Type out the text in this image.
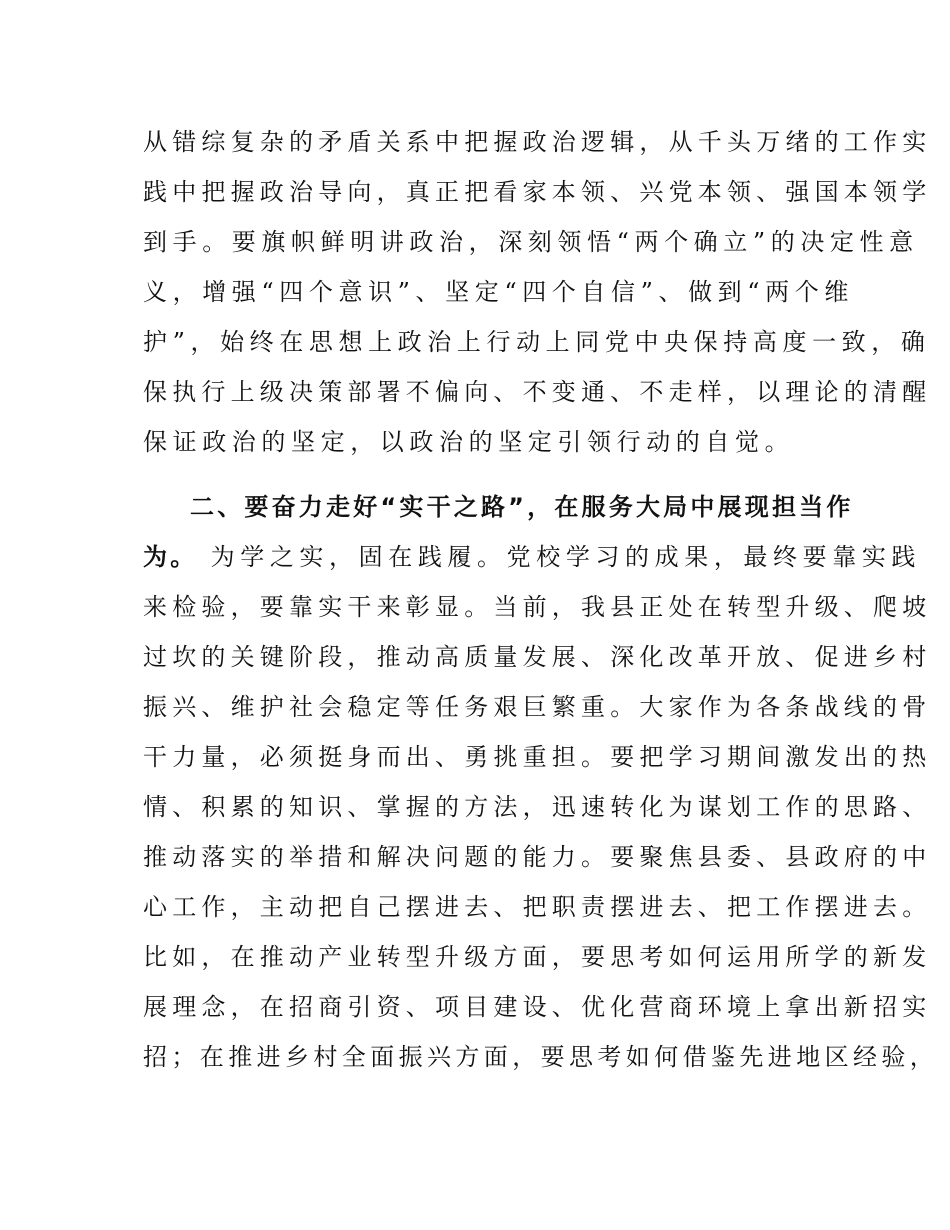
从错综复杂的矛盾关系中把握政治逻辑，从千头万绪的工作实
践中把握政治导向，真正把看家本领、兴党本领、强国本领学
到手。要旗帜鲜明讲政治，深刻领悟“两个确立”的决定性意
义，增强“四个意识”、坚定“四个自信”、做到“两个维
护”，始终在思想上政治上行动上同党中央保持高度一致，确
保执行上级决策部署不偏向、不变通、不走样，以理论的清醒
保证政治的坚定，以政治的坚定引领行动的自觉。
二、要奋力走好“实干之路”，在服务大局中展现担当作
为。 为学之实，固在践履。党校学习的成果，最终要靠实践
来检验，要靠实干来彰显。当前，我县正处在转型升级、爬坡
过坎的关键阶段，推动高质量发展、深化改革开放、促进乡村
振兴、维护社会稳定等任务艰巨繁重。大家作为各条战线的骨
干力量，必须挺身而出、勇挑重担。要把学习期间激发出的热
情、积累的知识、掌握的方法，迅速转化为谋划工作的思路、
推动落实的举措和解决问题的能力。要聚焦县委、县政府的中
心工作，主动把自己摆进去、把职责摆进去、把工作摆进去。
比如，在推动产业转型升级方面，要思考如何运用所学的新发
展理念，在招商引资、项目建设、优化营商环境上拿出新招实
招；在推进乡村全面振兴方面，要思考如何借鉴先进地区经验，
